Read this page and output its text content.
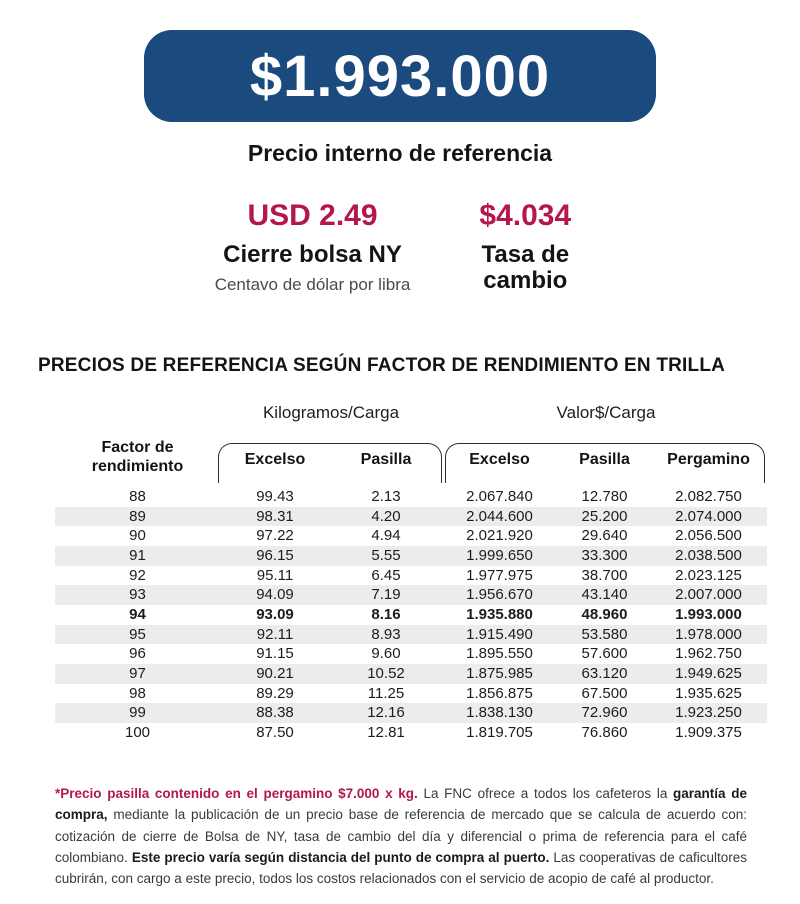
$1.993.000
Precio interno de referencia
USD 2.49
Cierre bolsa NY
Centavo de dólar por libra
$4.034
Tasa de cambio
PRECIOS DE REFERENCIA SEGÚN FACTOR DE RENDIMIENTO EN TRILLA
Kilogramos/Carga	Valor$/Carga
Factor de rendimiento	Excelso	Pasilla	Excelso	Pasilla	Pergamino
88	99.43	2.13	2.067.840	12.780	2.082.750
89	98.31	4.20	2.044.600	25.200	2.074.000
90	97.22	4.94	2.021.920	29.640	2.056.500
91	96.15	5.55	1.999.650	33.300	2.038.500
92	95.11	6.45	1.977.975	38.700	2.023.125
93	94.09	7.19	1.956.670	43.140	2.007.000
94	93.09	8.16	1.935.880	48.960	1.993.000
95	92.11	8.93	1.915.490	53.580	1.978.000
96	91.15	9.60	1.895.550	57.600	1.962.750
97	90.21	10.52	1.875.985	63.120	1.949.625
98	89.29	11.25	1.856.875	67.500	1.935.625
99	88.38	12.16	1.838.130	72.960	1.923.250
100	87.50	12.81	1.819.705	76.860	1.909.375

*Precio pasilla contenido en el pergamino $7.000 x kg. La FNC ofrece a todos los cafeteros la garantía de compra, mediante la publicación de un precio base de referencia de mercado que se calcula de acuerdo con: cotización de cierre de Bolsa de NY, tasa de cambio del día y diferencial o prima de referencia para el café colombiano. Este precio varía según distancia del punto de compra al puerto. Las cooperativas de caficultores cubrirán, con cargo a este precio, todos los costos relacionados con el servicio de acopio de café al productor.
